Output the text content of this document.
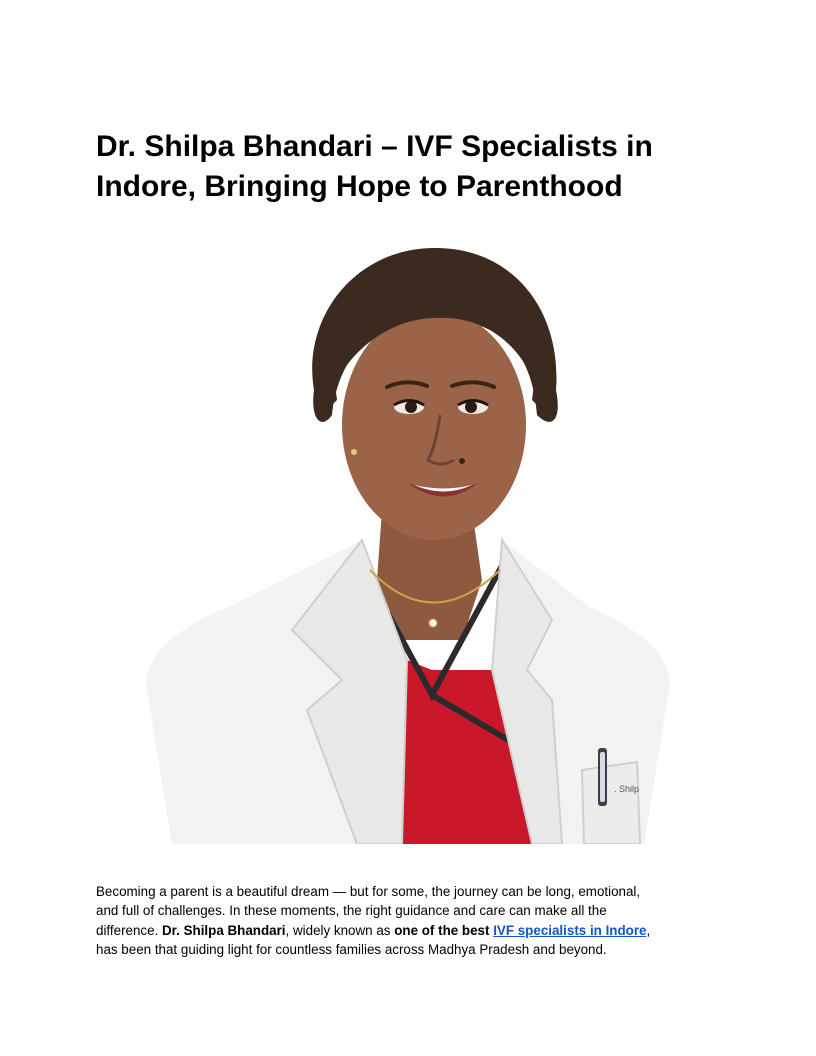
Dr. Shilpa Bhandari – IVF Specialists in
Indore, Bringing Hope to Parenthood
. Shilp

Becoming a parent is a beautiful dream — but for some, the journey can be long, emotional,
and full of challenges. In these moments, the right guidance and care can make all the
difference. Dr. Shilpa Bhandari, widely known as one of the best IVF specialists in Indore,
has been that guiding light for countless families across Madhya Pradesh and beyond.
